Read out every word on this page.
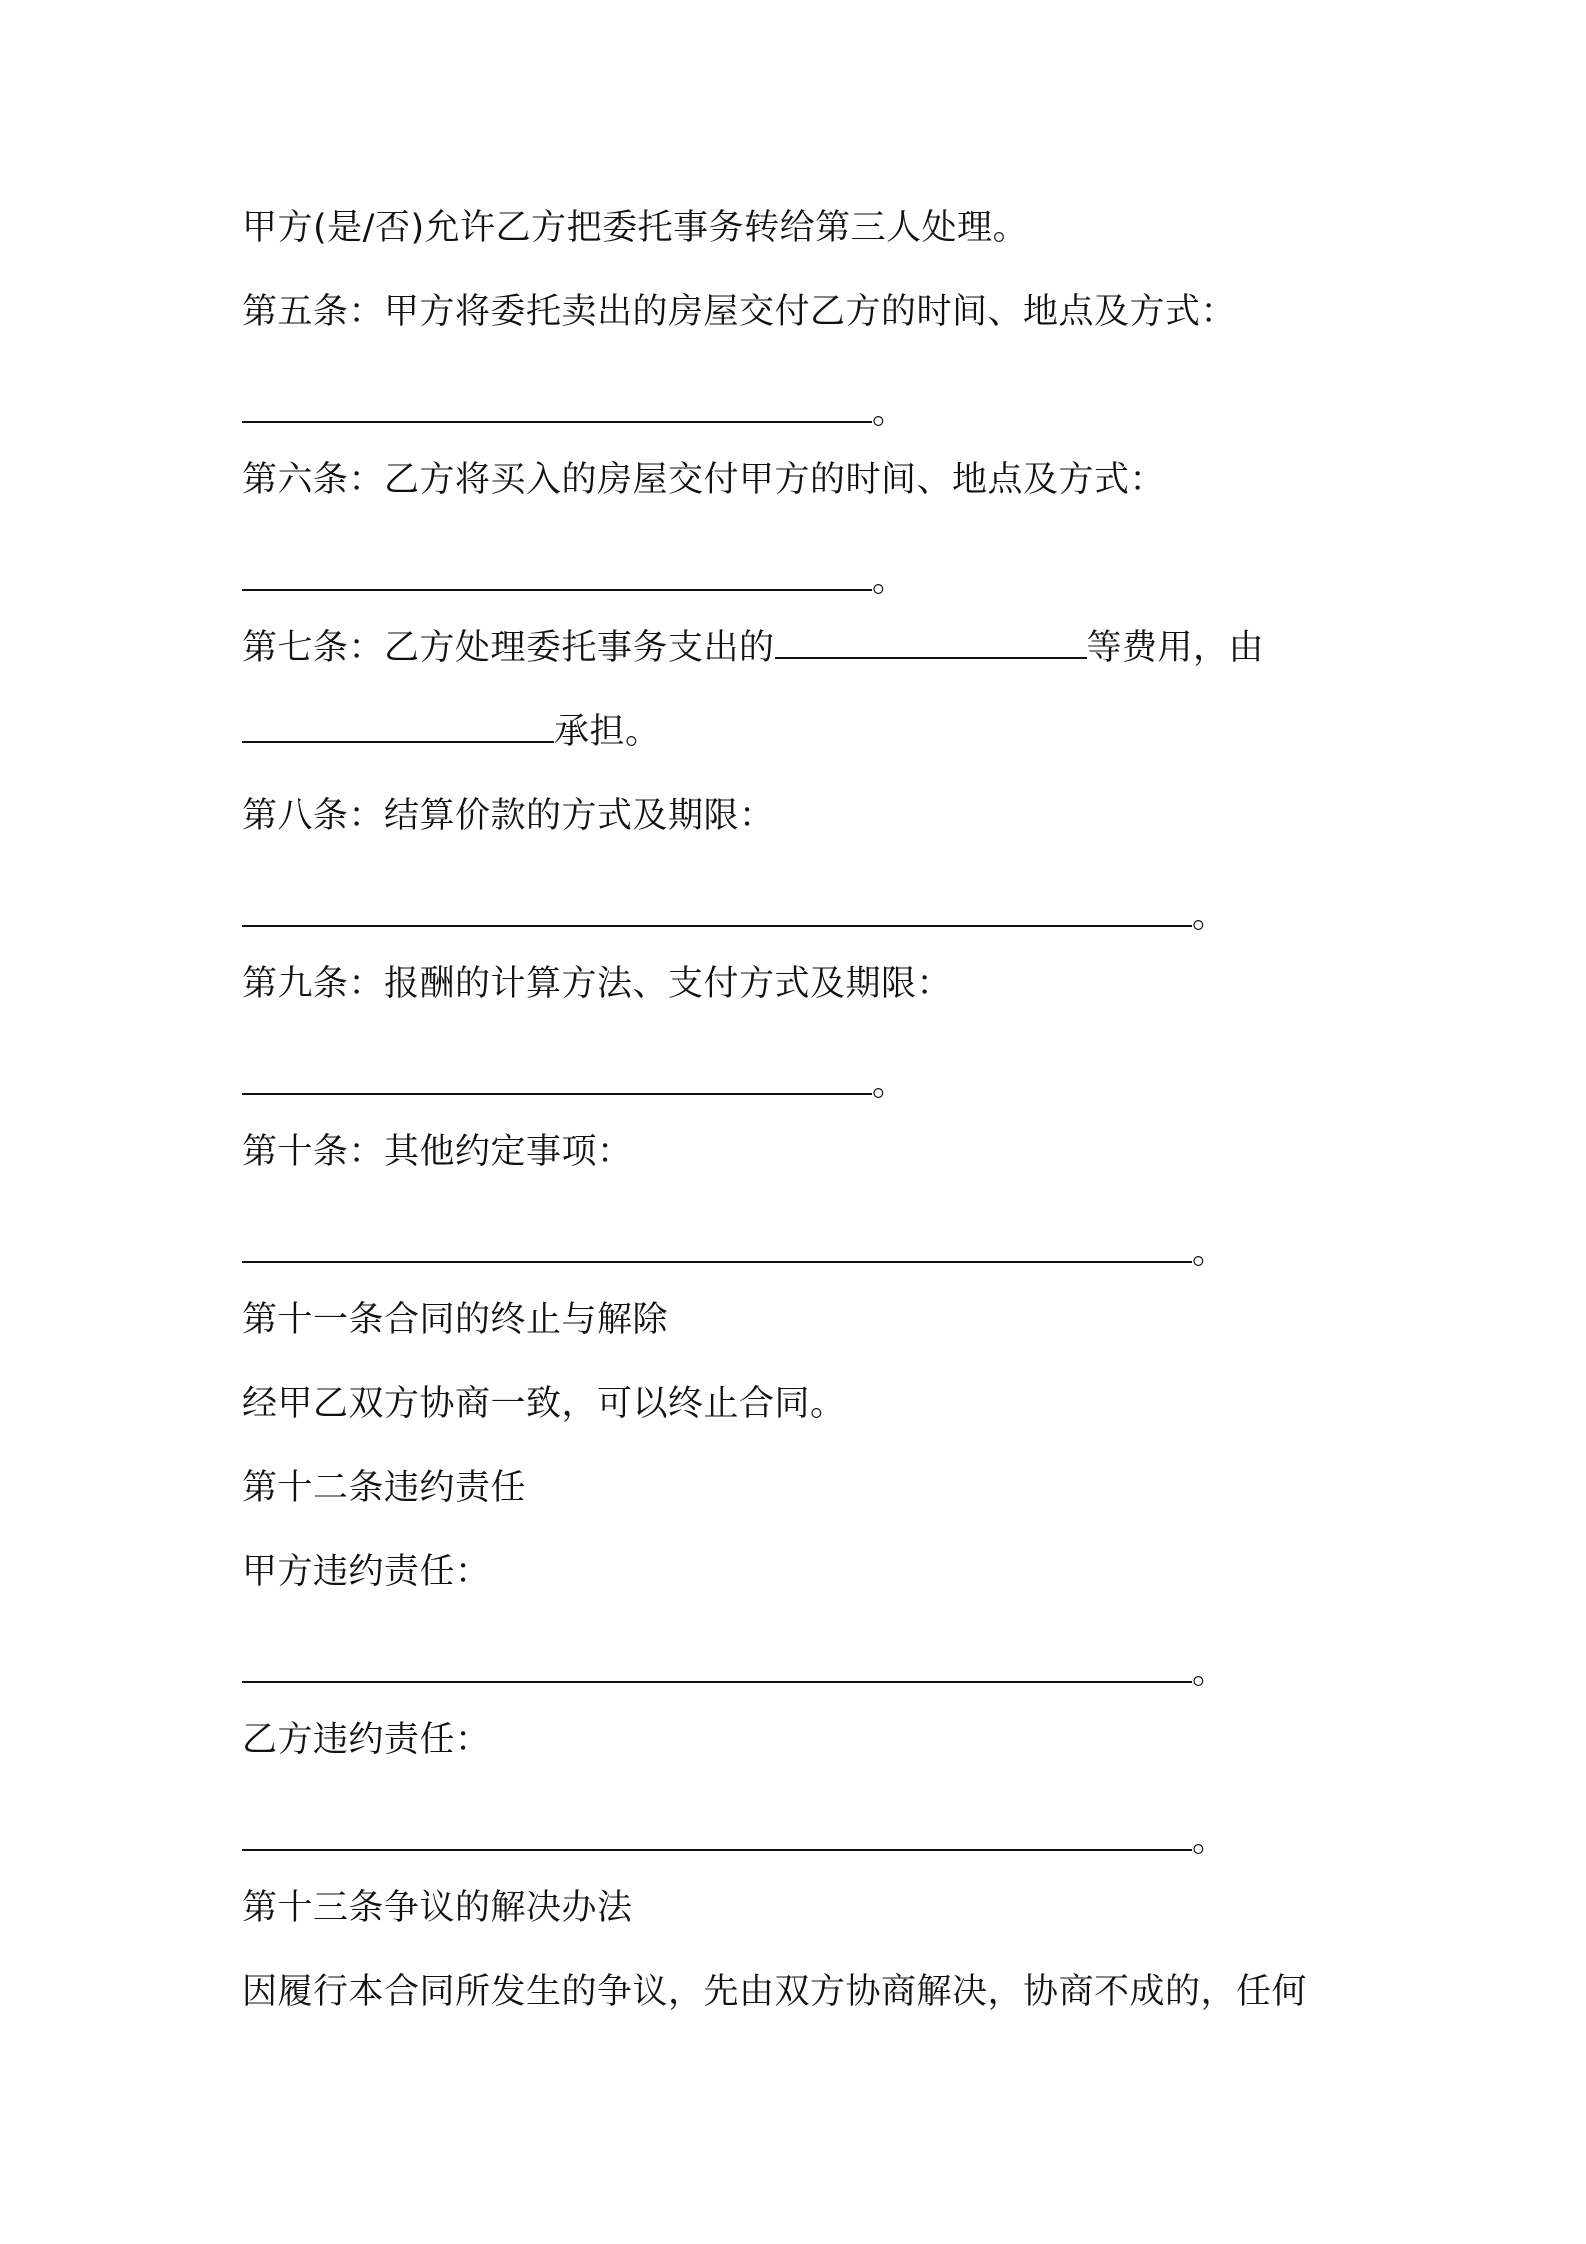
甲方(是/否)允许乙方把委托事务转给第三人处理。
第五条：甲方将委托卖出的房屋交付乙方的时间、地点及方式：
。
第六条：乙方将买入的房屋交付甲方的时间、地点及方式：
。
第七条：乙方处理委托事务支出的	等费用，由
承担。
第八条：结算价款的方式及期限：
。
第九条：报酬的计算方法、支付方式及期限：
。
第十条：其他约定事项：
。
第十一条合同的终止与解除
经甲乙双方协商一致，可以终止合同。
第十二条违约责任
甲方违约责任：
。
乙方违约责任：
。
第十三条争议的解决办法
因履行本合同所发生的争议，先由双方协商解决，协商不成的，任何
